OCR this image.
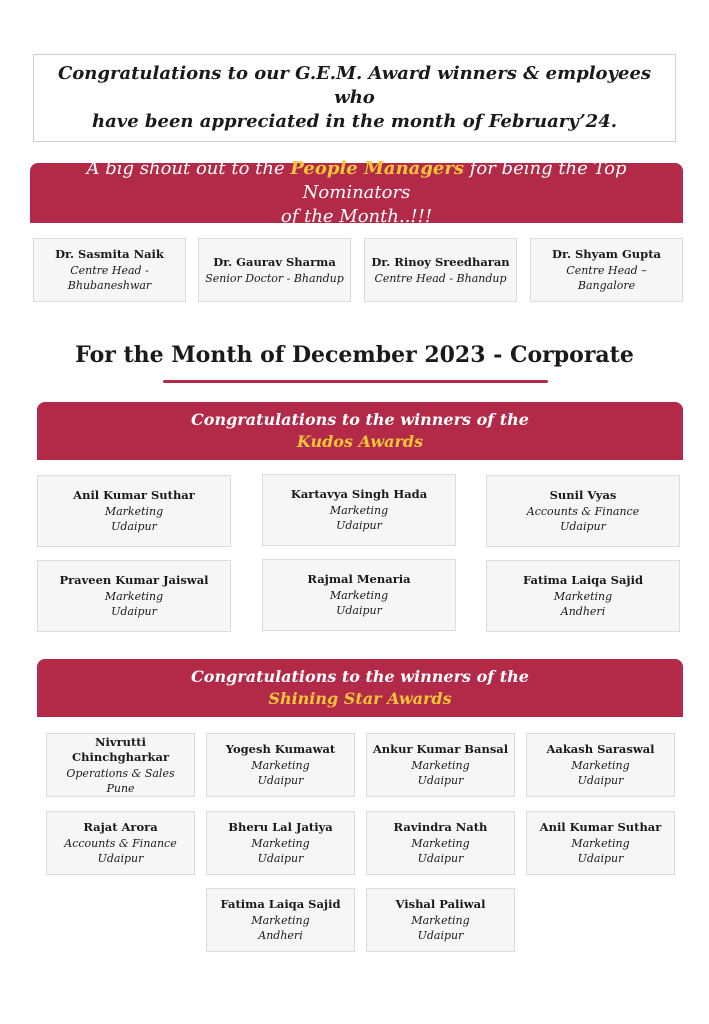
Congratulations to our G.E.M. Award winners & employees who
have been appreciated in the month of February’24.
A big shout out to the People Managers for being the Top Nominators
of the Month..!!!
Dr. Sasmita Naik
Centre Head -
Bhubaneshwar
Dr. Gaurav Sharma
Senior Doctor - Bhandup
Dr. Rinoy Sreedharan
Centre Head - Bhandup
Dr. Shyam Gupta
Centre Head –
Bangalore
For the Month of December 2023 - Corporate
Congratulations to the winners of the
Kudos Awards
Anil Kumar Suthar
Marketing
Udaipur
Kartavya Singh Hada
Marketing
Udaipur
Sunil Vyas
Accounts & Finance
Udaipur
Praveen Kumar Jaiswal
Marketing
Udaipur
Rajmal Menaria
Marketing
Udaipur
Fatima Laiqa Sajid
Marketing
Andheri
Congratulations to the winners of the
Shining Star Awards
Nivrutti Chinchgharkar
Operations & Sales
Pune
Yogesh Kumawat
Marketing
Udaipur
Ankur Kumar Bansal
Marketing
Udaipur
Aakash Saraswal
Marketing
Udaipur
Rajat Arora
Accounts & Finance
Udaipur
Bheru Lal Jatiya
Marketing
Udaipur
Ravindra Nath
Marketing
Udaipur
Anil Kumar Suthar
Marketing
Udaipur
Fatima Laiqa Sajid
Marketing
Andheri
Vishal Paliwal
Marketing
Udaipur
